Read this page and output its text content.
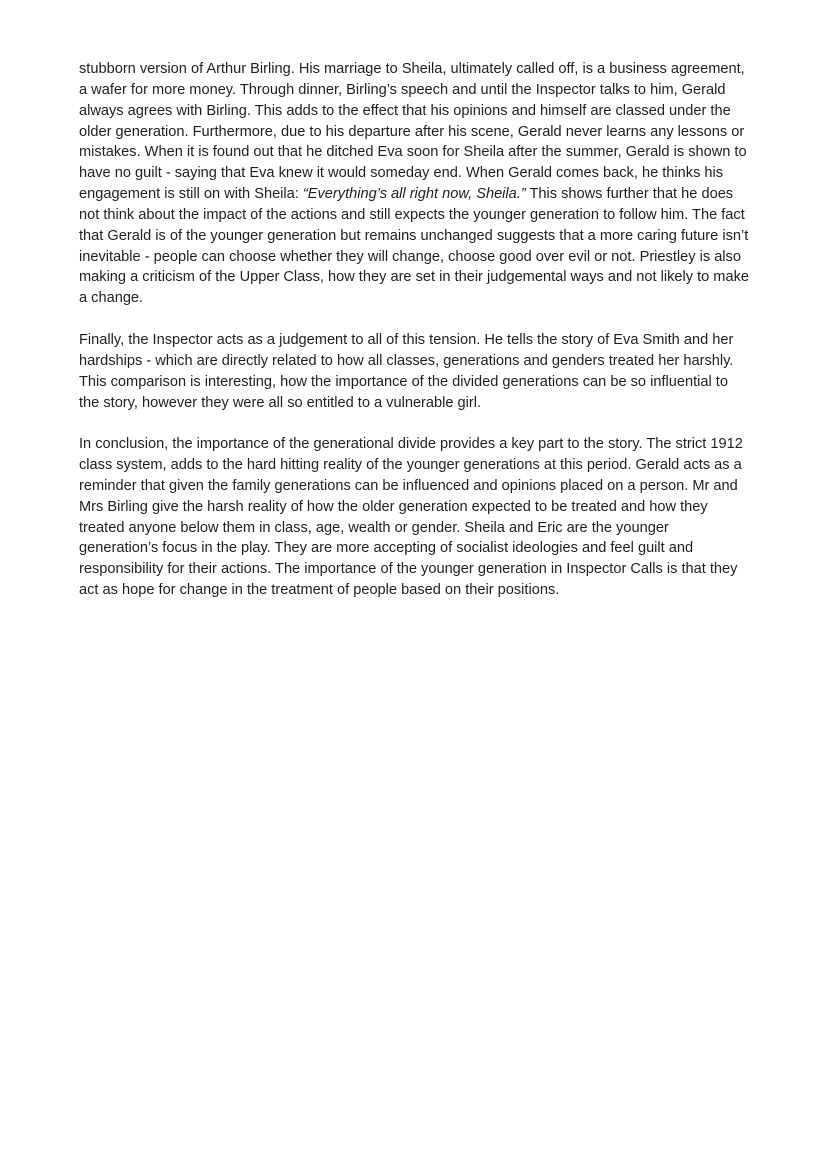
stubborn version of Arthur Birling. His marriage to Sheila, ultimately called off, is a business agreement, a wafer for more money. Through dinner, Birling’s speech and until the Inspector talks to him, Gerald always agrees with Birling. This adds to the effect that his opinions and himself are classed under the older generation. Furthermore, due to his departure after his scene, Gerald never learns any lessons or mistakes. When it is found out that he ditched Eva soon for Sheila after the summer, Gerald is shown to have no guilt - saying that Eva knew it would someday end. When Gerald comes back, he thinks his engagement is still on with Sheila: “Everything’s all right now, Sheila.” This shows further that he does not think about the impact of the actions and still expects the younger generation to follow him. The fact that Gerald is of the younger generation but remains unchanged suggests that a more caring future isn’t inevitable - people can choose whether they will change, choose good over evil or not. Priestley is also making a criticism of the Upper Class, how they are set in their judgemental ways and not likely to make a change.

Finally, the Inspector acts as a judgement to all of this tension. He tells the story of Eva Smith and her hardships - which are directly related to how all classes, generations and genders treated her harshly. This comparison is interesting, how the importance of the divided generations can be so influential to the story, however they were all so entitled to a vulnerable girl.

In conclusion, the importance of the generational divide provides a key part to the story. The strict 1912 class system, adds to the hard hitting reality of the younger generations at this period. Gerald acts as a reminder that given the family generations can be influenced and opinions placed on a person. Mr and Mrs Birling give the harsh reality of how the older generation expected to be treated and how they treated anyone below them in class, age, wealth or gender. Sheila and Eric are the younger generation’s focus in the play. They are more accepting of socialist ideologies and feel guilt and responsibility for their actions. The importance of the younger generation in Inspector Calls is that they act as hope for change in the treatment of people based on their positions.
